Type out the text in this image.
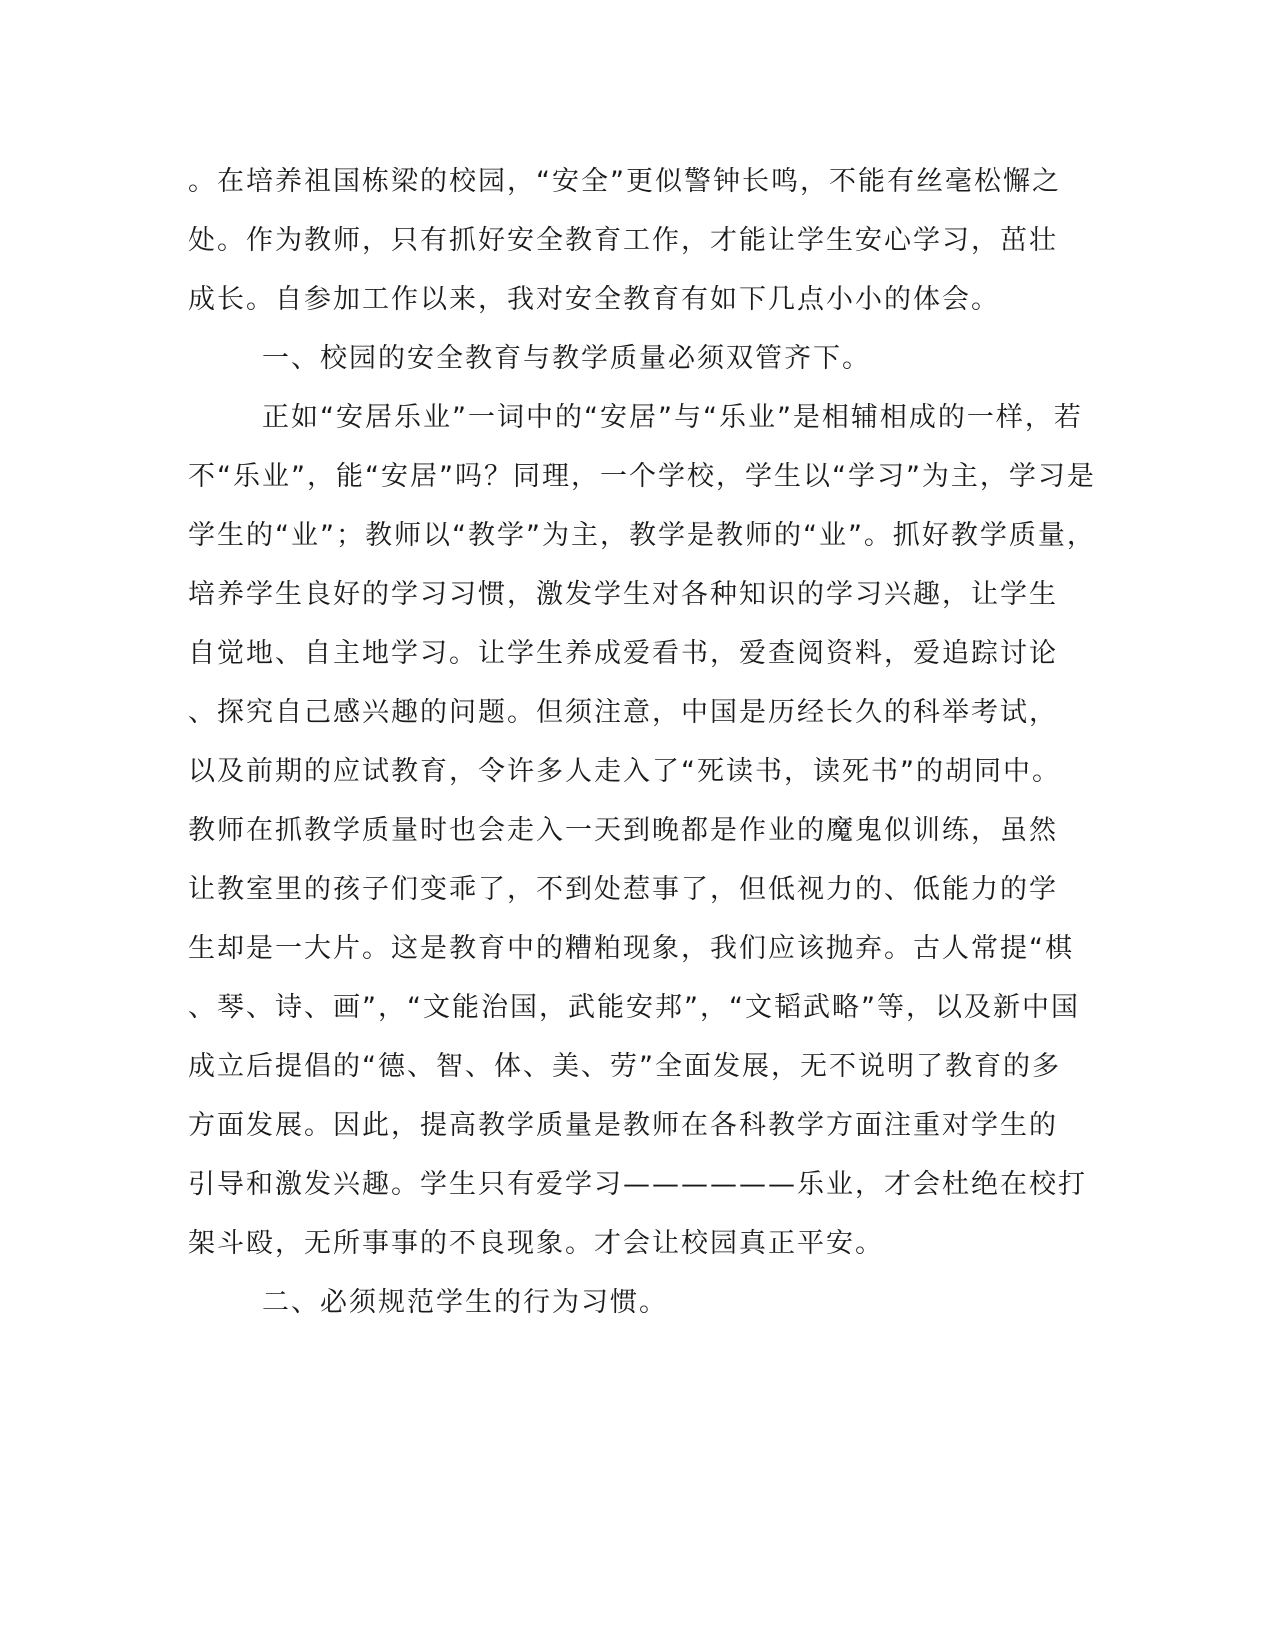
。在培养祖国栋梁的校园，“安全”更似警钟长鸣，不能有丝毫松懈之
处。作为教师，只有抓好安全教育工作，才能让学生安心学习，茁壮
成长。自参加工作以来，我对安全教育有如下几点小小的体会。
一、校园的安全教育与教学质量必须双管齐下。
正如“安居乐业”一词中的“安居”与“乐业”是相辅相成的一样，若
不“乐业”，能“安居”吗？同理，一个学校，学生以“学习”为主，学习是
学生的“业”；教师以“教学”为主，教学是教师的“业”。抓好教学质量，
培养学生良好的学习习惯，激发学生对各种知识的学习兴趣，让学生
自觉地、自主地学习。让学生养成爱看书，爱查阅资料，爱追踪讨论
、探究自己感兴趣的问题。但须注意，中国是历经长久的科举考试，
以及前期的应试教育，令许多人走入了“死读书，读死书”的胡同中。
教师在抓教学质量时也会走入一天到晚都是作业的魔鬼似训练，虽然
让教室里的孩子们变乖了，不到处惹事了，但低视力的、低能力的学
生却是一大片。这是教育中的糟粕现象，我们应该抛弃。古人常提“棋
、琴、诗、画”，“文能治国，武能安邦”，“文韬武略”等，以及新中国
成立后提倡的“德、智、体、美、劳”全面发展，无不说明了教育的多
方面发展。因此，提高教学质量是教师在各科教学方面注重对学生的
引导和激发兴趣。学生只有爱学习——————乐业，才会杜绝在校打
架斗殴，无所事事的不良现象。才会让校园真正平安。
二、必须规范学生的行为习惯。
